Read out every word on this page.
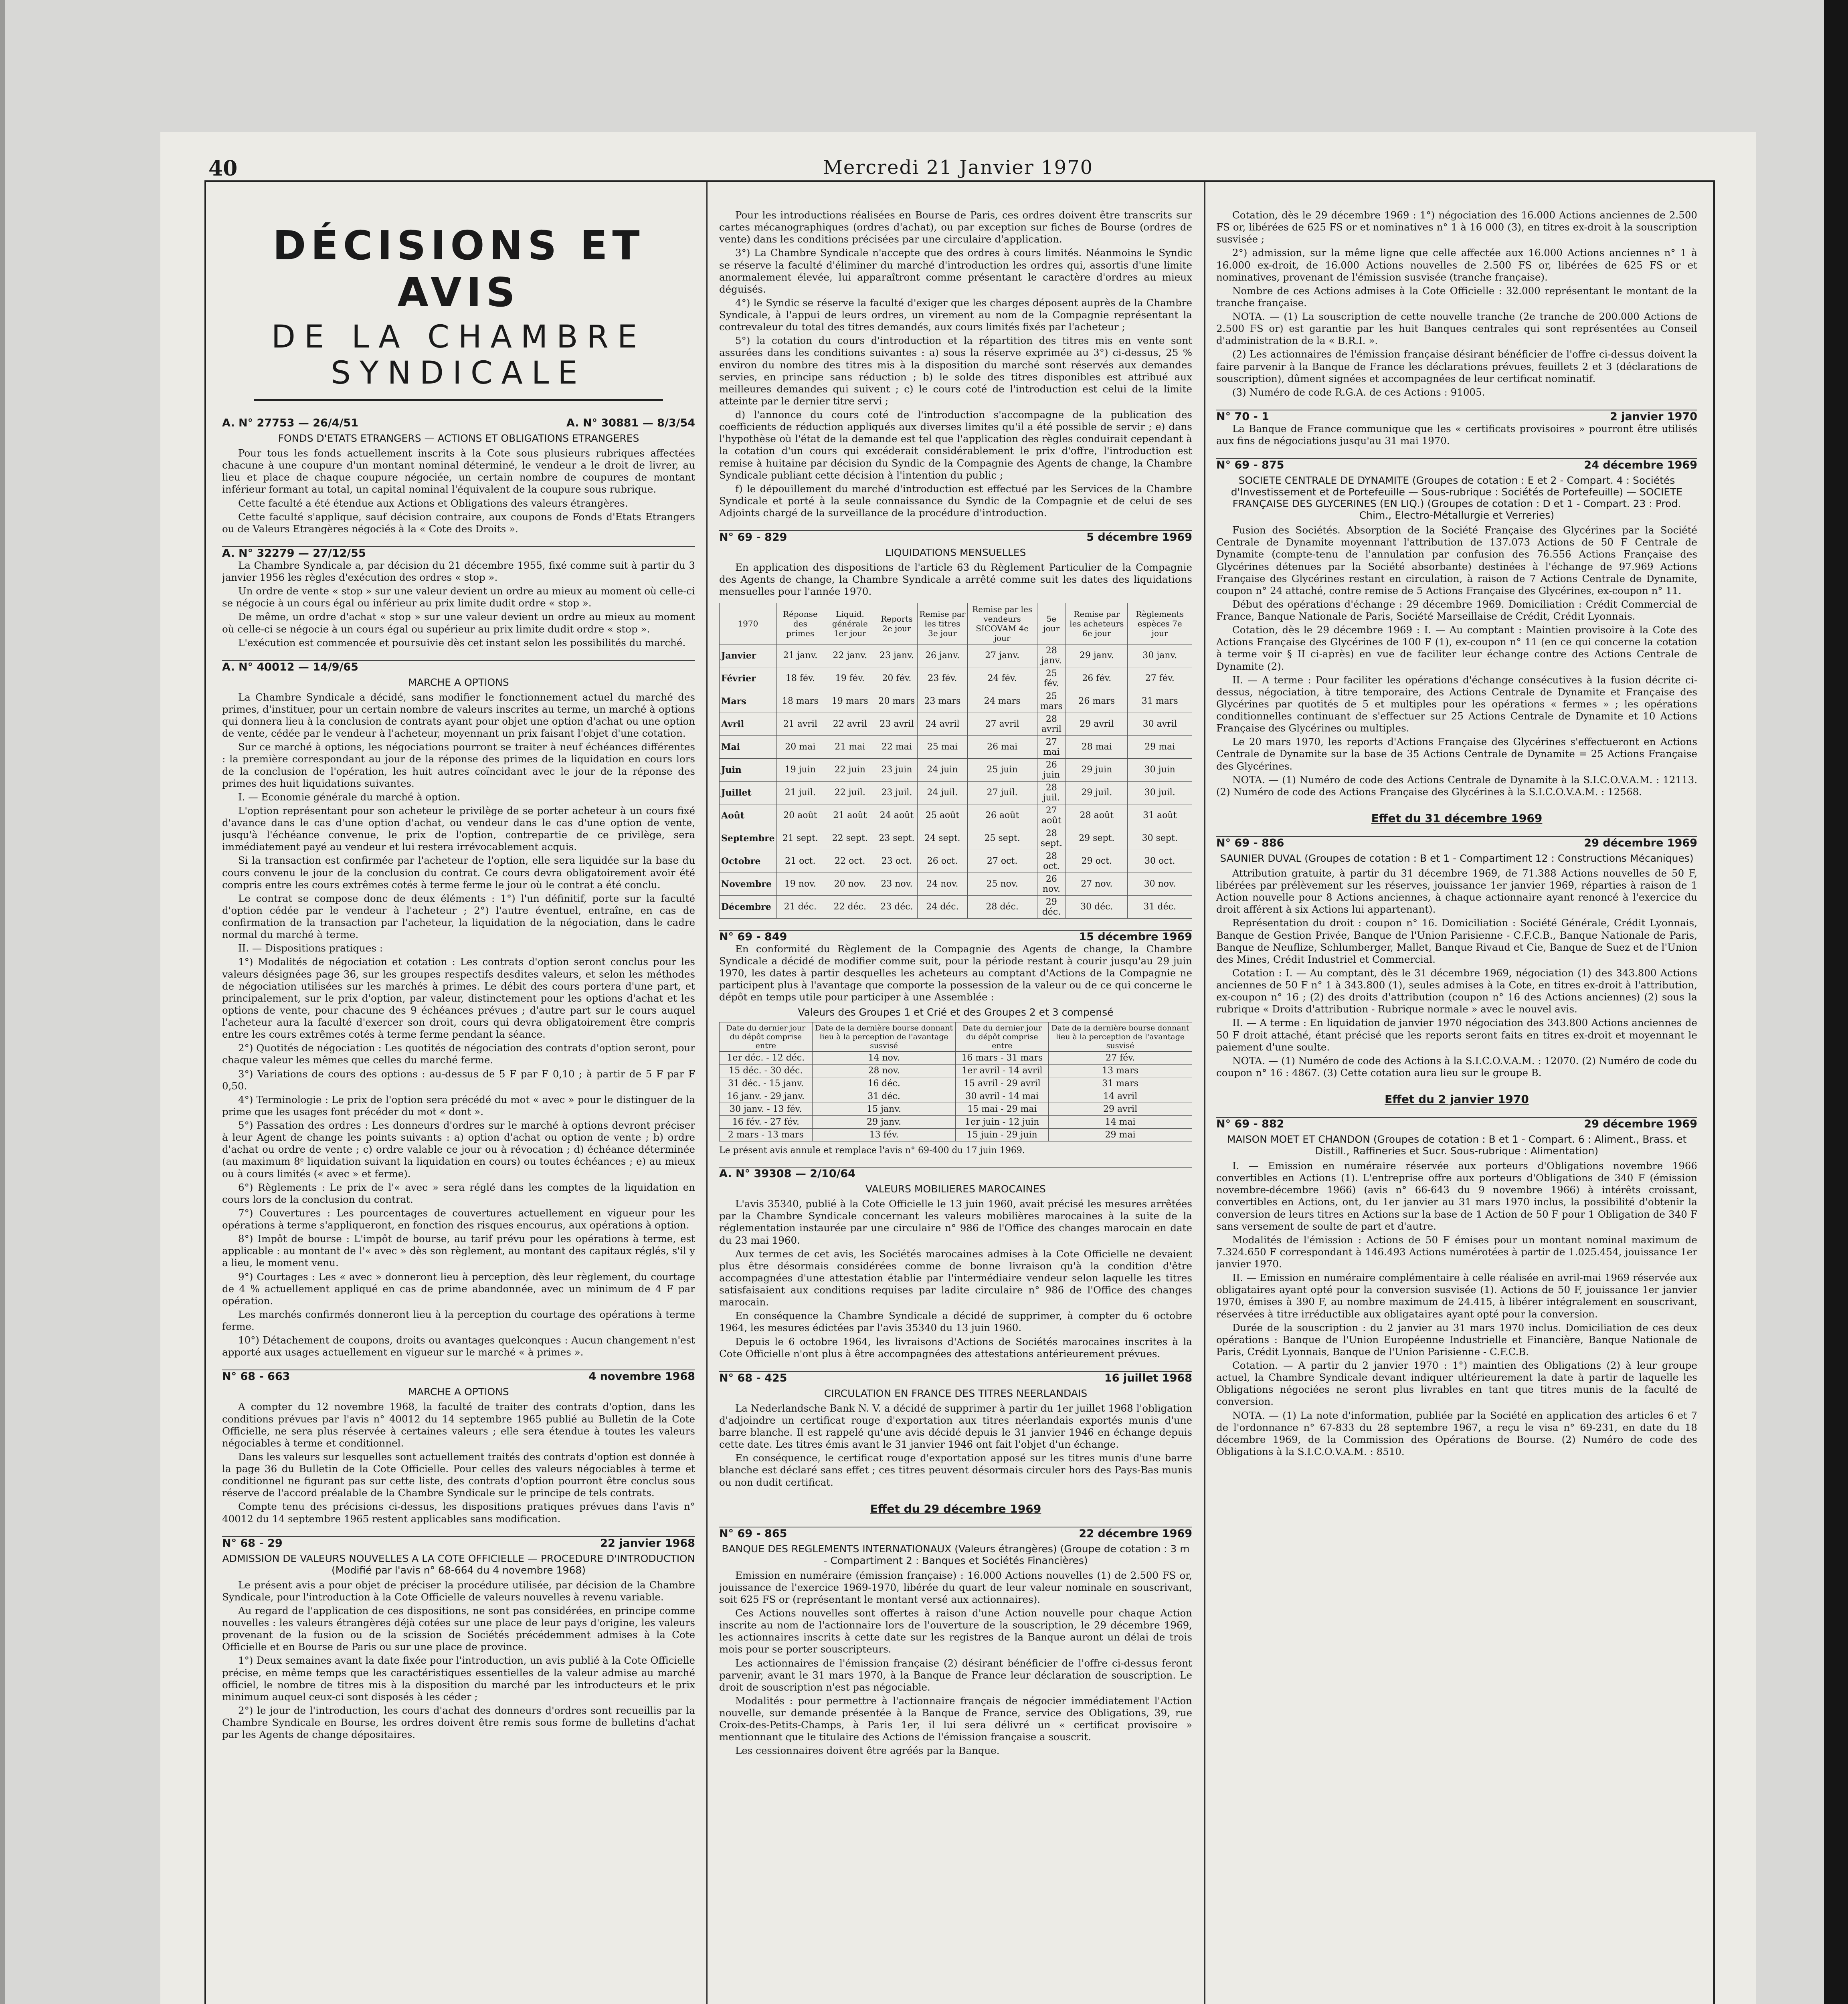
40	Mercredi 21 Janvier 1970
DÉCISIONS ET AVIS
DE LA CHAMBRE SYNDICALE
A. N° 27753 — 26/4/51	A. N° 30881 — 8/3/54
FONDS D'ETATS ETRANGERS — ACTIONS ET OBLIGATIONS ETRANGERES

Pour tous les fonds actuellement inscrits à la Cote sous plusieurs rubriques affectées chacune à une coupure d'un montant nominal déterminé, le vendeur a le droit de livrer, au lieu et place de chaque coupure négociée, un certain nombre de coupures de montant inférieur formant au total, un capital nominal l'équivalent de la coupure sous rubrique.

Cette faculté a été étendue aux Actions et Obligations des valeurs étrangères.

Cette faculté s'applique, sauf décision contraire, aux coupons de Fonds d'Etats Etrangers ou de Valeurs Etrangères négociés à la « Cote des Droits ».

A. N° 32279 — 27/12/55

La Chambre Syndicale a, par décision du 21 décembre 1955, fixé comme suit à partir du 3 janvier 1956 les règles d'exécution des ordres « stop ».

Un ordre de vente « stop » sur une valeur devient un ordre au mieux au moment où celle-ci se négocie à un cours égal ou inférieur au prix limite dudit ordre « stop ».

De même, un ordre d'achat « stop » sur une valeur devient un ordre au mieux au moment où celle-ci se négocie à un cours égal ou supérieur au prix limite dudit ordre « stop ».

L'exécution est commencée et poursuivie dès cet instant selon les possibilités du marché.

A. N° 40012 — 14/9/65
MARCHE A OPTIONS

La Chambre Syndicale a décidé, sans modifier le fonctionnement actuel du marché des primes, d'instituer, pour un certain nombre de valeurs inscrites au terme, un marché à options qui donnera lieu à la conclusion de contrats ayant pour objet une option d'achat ou une option de vente, cédée par le vendeur à l'acheteur, moyennant un prix faisant l'objet d'une cotation.

Sur ce marché à options, les négociations pourront se traiter à neuf échéances différentes : la première correspondant au jour de la réponse des primes de la liquidation en cours lors de la conclusion de l'opération, les huit autres coïncidant avec le jour de la réponse des primes des huit liquidations suivantes.

I. — Economie générale du marché à option.

L'option représentant pour son acheteur le privilège de se porter acheteur à un cours fixé d'avance dans le cas d'une option d'achat, ou vendeur dans le cas d'une option de vente, jusqu'à l'échéance convenue, le prix de l'option, contrepartie de ce privilège, sera immédiatement payé au vendeur et lui restera irrévocablement acquis.

Si la transaction est confirmée par l'acheteur de l'option, elle sera liquidée sur la base du cours convenu le jour de la conclusion du contrat. Ce cours devra obligatoirement avoir été compris entre les cours extrêmes cotés à terme ferme le jour où le contrat a été conclu.

Le contrat se compose donc de deux éléments : 1°) l'un définitif, porte sur la faculté d'option cédée par le vendeur à l'acheteur ; 2°) l'autre éventuel, entraîne, en cas de confirmation de la transaction par l'acheteur, la liquidation de la négociation, dans le cadre normal du marché à terme.

II. — Dispositions pratiques :

1°) Modalités de négociation et cotation : Les contrats d'option seront conclus pour les valeurs désignées page 36, sur les groupes respectifs desdites valeurs, et selon les méthodes de négociation utilisées sur les marchés à primes. Le débit des cours portera d'une part, et principalement, sur le prix d'option, par valeur, distinctement pour les options d'achat et les options de vente, pour chacune des 9 échéances prévues ; d'autre part sur le cours auquel l'acheteur aura la faculté d'exercer son droit, cours qui devra obligatoirement être compris entre les cours extrêmes cotés à terme ferme pendant la séance.

2°) Quotités de négociation : Les quotités de négociation des contrats d'option seront, pour chaque valeur les mêmes que celles du marché ferme.

3°) Variations de cours des options : au-dessus de 5 F par F 0,10 ; à partir de 5 F par F 0,50.

4°) Terminologie : Le prix de l'option sera précédé du mot « avec » pour le distinguer de la prime que les usages font précéder du mot « dont ».

5°) Passation des ordres : Les donneurs d'ordres sur le marché à options devront préciser à leur Agent de change les points suivants : a) option d'achat ou option de vente ; b) ordre d'achat ou ordre de vente ; c) ordre valable ce jour ou à révocation ; d) échéance déterminée (au maximum 8ᵉ liquidation suivant la liquidation en cours) ou toutes échéances ; e) au mieux ou à cours limités (« avec » et ferme).

6°) Règlements : Le prix de l'« avec » sera réglé dans les comptes de la liquidation en cours lors de la conclusion du contrat.

7°) Couvertures : Les pourcentages de couvertures actuellement en vigueur pour les opérations à terme s'appliqueront, en fonction des risques encourus, aux opérations à option.

8°) Impôt de bourse : L'impôt de bourse, au tarif prévu pour les opérations à terme, est applicable : au montant de l'« avec » dès son règlement, au montant des capitaux réglés, s'il y a lieu, le moment venu.

9°) Courtages : Les « avec » donneront lieu à perception, dès leur règlement, du courtage de 4 % actuellement appliqué en cas de prime abandonnée, avec un minimum de 4 F par opération.

Les marchés confirmés donneront lieu à la perception du courtage des opérations à terme ferme.

10°) Détachement de coupons, droits ou avantages quelconques : Aucun changement n'est apporté aux usages actuellement en vigueur sur le marché « à primes ».

N° 68 - 663	4 novembre 1968
MARCHE A OPTIONS

A compter du 12 novembre 1968, la faculté de traiter des contrats d'option, dans les conditions prévues par l'avis n° 40012 du 14 septembre 1965 publié au Bulletin de la Cote Officielle, ne sera plus réservée à certaines valeurs ; elle sera étendue à toutes les valeurs négociables à terme et conditionnel.

Dans les valeurs sur lesquelles sont actuellement traités des contrats d'option est donnée à la page 36 du Bulletin de la Cote Officielle. Pour celles des valeurs négociables à terme et conditionnel ne figurant pas sur cette liste, des contrats d'option pourront être conclus sous réserve de l'accord préalable de la Chambre Syndicale sur le principe de tels contrats.

Compte tenu des précisions ci-dessus, les dispositions pratiques prévues dans l'avis n° 40012 du 14 septembre 1965 restent applicables sans modification.

N° 68 - 29	22 janvier 1968
ADMISSION DE VALEURS NOUVELLES A LA COTE OFFICIELLE — PROCEDURE D'INTRODUCTION (Modifié par l'avis n° 68-664 du 4 novembre 1968)

Le présent avis a pour objet de préciser la procédure utilisée, par décision de la Chambre Syndicale, pour l'introduction à la Cote Officielle de valeurs nouvelles à revenu variable.

Au regard de l'application de ces dispositions, ne sont pas considérées, en principe comme nouvelles : les valeurs étrangères déjà cotées sur une place de leur pays d'origine, les valeurs provenant de la fusion ou de la scission de Sociétés précédemment admises à la Cote Officielle et en Bourse de Paris ou sur une place de province.

1°) Deux semaines avant la date fixée pour l'introduction, un avis publié à la Cote Officielle précise, en même temps que les caractéristiques essentielles de la valeur admise au marché officiel, le nombre de titres mis à la disposition du marché par les introducteurs et le prix minimum auquel ceux-ci sont disposés à les céder ;

2°) le jour de l'introduction, les cours d'achat des donneurs d'ordres sont recueillis par la Chambre Syndicale en Bourse, les ordres doivent être remis sous forme de bulletins d'achat par les Agents de change dépositaires.

Pour les introductions réalisées en Bourse de Paris, ces ordres doivent être transcrits sur cartes mécanographiques (ordres d'achat), ou par exception sur fiches de Bourse (ordres de vente) dans les conditions précisées par une circulaire d'application.

3°) La Chambre Syndicale n'accepte que des ordres à cours limités. Néanmoins le Syndic se réserve la faculté d'éliminer du marché d'introduction les ordres qui, assortis d'une limite anormalement élevée, lui apparaîtront comme présentant le caractère d'ordres au mieux déguisés.

4°) le Syndic se réserve la faculté d'exiger que les charges déposent auprès de la Chambre Syndicale, à l'appui de leurs ordres, un virement au nom de la Compagnie représentant la contrevaleur du total des titres demandés, aux cours limités fixés par l'acheteur ;

5°) la cotation du cours d'introduction et la répartition des titres mis en vente sont assurées dans les conditions suivantes : a) sous la réserve exprimée au 3°) ci-dessus, 25 % environ du nombre des titres mis à la disposition du marché sont réservés aux demandes servies, en principe sans réduction ; b) le solde des titres disponibles est attribué aux meilleures demandes qui suivent ; c) le cours coté de l'introduction est celui de la limite atteinte par le dernier titre servi ;

d) l'annonce du cours coté de l'introduction s'accompagne de la publication des coefficients de réduction appliqués aux diverses limites qu'il a été possible de servir ; e) dans l'hypothèse où l'état de la demande est tel que l'application des règles conduirait cependant à la cotation d'un cours qui excéderait considérablement le prix d'offre, l'introduction est remise à huitaine par décision du Syndic de la Compagnie des Agents de change, la Chambre Syndicale publiant cette décision à l'intention du public ;

f) le dépouillement du marché d'introduction est effectué par les Services de la Chambre Syndicale et porté à la seule connaissance du Syndic de la Compagnie et de celui de ses Adjoints chargé de la surveillance de la procédure d'introduction.

N° 69 - 829	5 décembre 1969
LIQUIDATIONS MENSUELLES

En application des dispositions de l'article 63 du Règlement Particulier de la Compagnie des Agents de change, la Chambre Syndicale a arrêté comme suit les dates des liquidations mensuelles pour l'année 1970.

1970	Réponse des primes	Liquid. générale 1er jour	Reports 2e jour	Remise par les titres 3e jour	Remise par les vendeurs SICOVAM 4e jour	5e jour	Remise par les acheteurs 6e jour	Règlements espèces 7e jour
Janvier	21 janv.	22 janv.	23 janv.	26 janv.	27 janv.	28 janv.	29 janv.	30 janv.
Février	18 fév.	19 fév.	20 fév.	23 fév.	24 fév.	25 fév.	26 fév.	27 fév.
Mars	18 mars	19 mars	20 mars	23 mars	24 mars	25 mars	26 mars	31 mars
Avril	21 avril	22 avril	23 avril	24 avril	27 avril	28 avril	29 avril	30 avril
Mai	20 mai	21 mai	22 mai	25 mai	26 mai	27 mai	28 mai	29 mai
Juin	19 juin	22 juin	23 juin	24 juin	25 juin	26 juin	29 juin	30 juin
Juillet	21 juil.	22 juil.	23 juil.	24 juil.	27 juil.	28 juil.	29 juil.	30 juil.
Août	20 août	21 août	24 août	25 août	26 août	27 août	28 août	31 août
Septembre	21 sept.	22 sept.	23 sept.	24 sept.	25 sept.	28 sept.	29 sept.	30 sept.
Octobre	21 oct.	22 oct.	23 oct.	26 oct.	27 oct.	28 oct.	29 oct.	30 oct.
Novembre	19 nov.	20 nov.	23 nov.	24 nov.	25 nov.	26 nov.	27 nov.	30 nov.
Décembre	21 déc.	22 déc.	23 déc.	24 déc.	28 déc.	29 déc.	30 déc.	31 déc.
N° 69 - 849	15 décembre 1969

En conformité du Règlement de la Compagnie des Agents de change, la Chambre Syndicale a décidé de modifier comme suit, pour la période restant à courir jusqu'au 29 juin 1970, les dates à partir desquelles les acheteurs au comptant d'Actions de la Compagnie ne participent plus à l'avantage que comporte la possession de la valeur ou de ce qui concerne le dépôt en temps utile pour participer à une Assemblée :

Valeurs des Groupes 1 et Crié et des Groupes 2 et 3 compensé
Date du dernier jour du dépôt comprise entre	Date de la dernière bourse donnant lieu à la perception de l'avantage susvisé	Date du dernier jour du dépôt comprise entre	Date de la dernière bourse donnant lieu à la perception de l'avantage susvisé
1er déc. - 12 déc.	14 nov.	16 mars - 31 mars	27 fév.
15 déc. - 30 déc.	28 nov.	1er avril - 14 avril	13 mars
31 déc. - 15 janv.	16 déc.	15 avril - 29 avril	31 mars
16 janv. - 29 janv.	31 déc.	30 avril - 14 mai	14 avril
30 janv. - 13 fév.	15 janv.	15 mai - 29 mai	29 avril
16 fév. - 27 fév.	29 janv.	1er juin - 12 juin	14 mai
2 mars - 13 mars	13 fév.	15 juin - 29 juin	29 mai
Le présent avis annule et remplace l'avis n° 69-400 du 17 juin 1969.
A. N° 39308 — 2/10/64
VALEURS MOBILIERES MAROCAINES

L'avis 35340, publié à la Cote Officielle le 13 juin 1960, avait précisé les mesures arrêtées par la Chambre Syndicale concernant les valeurs mobilières marocaines à la suite de la réglementation instaurée par une circulaire n° 986 de l'Office des changes marocain en date du 23 mai 1960.

Aux termes de cet avis, les Sociétés marocaines admises à la Cote Officielle ne devaient plus être désormais considérées comme de bonne livraison qu'à la condition d'être accompagnées d'une attestation établie par l'intermédiaire vendeur selon laquelle les titres satisfaisaient aux conditions requises par ladite circulaire n° 986 de l'Office des changes marocain.

En conséquence la Chambre Syndicale a décidé de supprimer, à compter du 6 octobre 1964, les mesures édictées par l'avis 35340 du 13 juin 1960.

Depuis le 6 octobre 1964, les livraisons d'Actions de Sociétés marocaines inscrites à la Cote Officielle n'ont plus à être accompagnées des attestations antérieurement prévues.

N° 68 - 425	16 juillet 1968
CIRCULATION EN FRANCE DES TITRES NEERLANDAIS

La Nederlandsche Bank N. V. a décidé de supprimer à partir du 1er juillet 1968 l'obligation d'adjoindre un certificat rouge d'exportation aux titres néerlandais exportés munis d'une barre blanche. Il est rappelé qu'une avis décidé depuis le 31 janvier 1946 en échange depuis cette date. Les titres émis avant le 31 janvier 1946 ont fait l'objet d'un échange.

En conséquence, le certificat rouge d'exportation apposé sur les titres munis d'une barre blanche est déclaré sans effet ; ces titres peuvent désormais circuler hors des Pays-Bas munis ou non dudit certificat.

Effet du 29 décembre 1969
N° 69 - 865	22 décembre 1969
BANQUE DES REGLEMENTS INTERNATIONAUX (Valeurs étrangères) (Groupe de cotation : 3 m - Compartiment 2 : Banques et Sociétés Financières)

Emission en numéraire (émission française) : 16.000 Actions nouvelles (1) de 2.500 FS or, jouissance de l'exercice 1969-1970, libérée du quart de leur valeur nominale en souscrivant, soit 625 FS or (représentant le montant versé aux actionnaires).

Ces Actions nouvelles sont offertes à raison d'une Action nouvelle pour chaque Action inscrite au nom de l'actionnaire lors de l'ouverture de la souscription, le 29 décembre 1969, les actionnaires inscrits à cette date sur les registres de la Banque auront un délai de trois mois pour se porter souscripteurs.

Les actionnaires de l'émission française (2) désirant bénéficier de l'offre ci-dessus feront parvenir, avant le 31 mars 1970, à la Banque de France leur déclaration de souscription. Le droit de souscription n'est pas négociable.

Modalités : pour permettre à l'actionnaire français de négocier immédiatement l'Action nouvelle, sur demande présentée à la Banque de France, service des Obligations, 39, rue Croix-des-Petits-Champs, à Paris 1er, il lui sera délivré un « certificat provisoire » mentionnant que le titulaire des Actions de l'émission française a souscrit.

Les cessionnaires doivent être agréés par la Banque.

Cotation, dès le 29 décembre 1969 : 1°) négociation des 16.000 Actions anciennes de 2.500 FS or, libérées de 625 FS or et nominatives n° 1 à 16 000 (3), en titres ex-droit à la souscription susvisée ;

2°) admission, sur la même ligne que celle affectée aux 16.000 Actions anciennes n° 1 à 16.000 ex-droit, de 16.000 Actions nouvelles de 2.500 FS or, libérées de 625 FS or et nominatives, provenant de l'émission susvisée (tranche française).

Nombre de ces Actions admises à la Cote Officielle : 32.000 représentant le montant de la tranche française.

NOTA. — (1) La souscription de cette nouvelle tranche (2e tranche de 200.000 Actions de 2.500 FS or) est garantie par les huit Banques centrales qui sont représentées au Conseil d'administration de la « B.R.I. ».

(2) Les actionnaires de l'émission française désirant bénéficier de l'offre ci-dessus doivent la faire parvenir à la Banque de France les déclarations prévues, feuillets 2 et 3 (déclarations de souscription), dûment signées et accompagnées de leur certificat nominatif.

(3) Numéro de code R.G.A. de ces Actions : 91005.

N° 70 - 1	2 janvier 1970

La Banque de France communique que les « certificats provisoires » pourront être utilisés aux fins de négociations jusqu'au 31 mai 1970.

N° 69 - 875	24 décembre 1969
SOCIETE CENTRALE DE DYNAMITE (Groupes de cotation : E et 2 - Compart. 4 : Sociétés d'Investissement et de Portefeuille — Sous-rubrique : Sociétés de Portefeuille) — SOCIETE FRANÇAISE DES GLYCERINES (EN LIQ.) (Groupes de cotation : D et 1 - Compart. 23 : Prod. Chim., Electro-Métallurgie et Verreries)

Fusion des Sociétés. Absorption de la Société Française des Glycérines par la Société Centrale de Dynamite moyennant l'attribution de 137.073 Actions de 50 F Centrale de Dynamite (compte-tenu de l'annulation par confusion des 76.556 Actions Française des Glycérines détenues par la Société absorbante) destinées à l'échange de 97.969 Actions Française des Glycérines restant en circulation, à raison de 7 Actions Centrale de Dynamite, coupon n° 24 attaché, contre remise de 5 Actions Française des Glycérines, ex-coupon n° 11.

Début des opérations d'échange : 29 décembre 1969. Domiciliation : Crédit Commercial de France, Banque Nationale de Paris, Société Marseillaise de Crédit, Crédit Lyonnais.

Cotation, dès le 29 décembre 1969 : I. — Au comptant : Maintien provisoire à la Cote des Actions Française des Glycérines de 100 F (1), ex-coupon n° 11 (en ce qui concerne la cotation à terme voir § II ci-après) en vue de faciliter leur échange contre des Actions Centrale de Dynamite (2).

II. — A terme : Pour faciliter les opérations d'échange consécutives à la fusion décrite ci-dessus, négociation, à titre temporaire, des Actions Centrale de Dynamite et Française des Glycérines par quotités de 5 et multiples pour les opérations « fermes » ; les opérations conditionnelles continuant de s'effectuer sur 25 Actions Centrale de Dynamite et 10 Actions Française des Glycérines ou multiples.

Le 20 mars 1970, les reports d'Actions Française des Glycérines s'effectueront en Actions Centrale de Dynamite sur la base de 35 Actions Centrale de Dynamite = 25 Actions Française des Glycérines.

NOTA. — (1) Numéro de code des Actions Centrale de Dynamite à la S.I.C.O.V.A.M. : 12113. (2) Numéro de code des Actions Française des Glycérines à la S.I.C.O.V.A.M. : 12568.

Effet du 31 décembre 1969
N° 69 - 886	29 décembre 1969
SAUNIER DUVAL (Groupes de cotation : B et 1 - Compartiment 12 : Constructions Mécaniques)

Attribution gratuite, à partir du 31 décembre 1969, de 71.388 Actions nouvelles de 50 F, libérées par prélèvement sur les réserves, jouissance 1er janvier 1969, réparties à raison de 1 Action nouvelle pour 8 Actions anciennes, à chaque actionnaire ayant renoncé à l'exercice du droit afférent à six Actions lui appartenant).

Représentation du droit : coupon n° 16. Domiciliation : Société Générale, Crédit Lyonnais, Banque de Gestion Privée, Banque de l'Union Parisienne - C.F.C.B., Banque Nationale de Paris, Banque de Neuflize, Schlumberger, Mallet, Banque Rivaud et Cie, Banque de Suez et de l'Union des Mines, Crédit Industriel et Commercial.

Cotation : I. — Au comptant, dès le 31 décembre 1969, négociation (1) des 343.800 Actions anciennes de 50 F n° 1 à 343.800 (1), seules admises à la Cote, en titres ex-droit à l'attribution, ex-coupon n° 16 ; (2) des droits d'attribution (coupon n° 16 des Actions anciennes) (2) sous la rubrique « Droits d'attribution - Rubrique normale » avec le nouvel avis.

II. — A terme : En liquidation de janvier 1970 négociation des 343.800 Actions anciennes de 50 F droit attaché, étant précisé que les reports seront faits en titres ex-droit et moyennant le paiement d'une soulte.

NOTA. — (1) Numéro de code des Actions à la S.I.C.O.V.A.M. : 12070. (2) Numéro de code du coupon n° 16 : 4867. (3) Cette cotation aura lieu sur le groupe B.

Effet du 2 janvier 1970
N° 69 - 882	29 décembre 1969
MAISON MOET ET CHANDON (Groupes de cotation : B et 1 - Compart. 6 : Aliment., Brass. et Distill., Raffineries et Sucr. Sous-rubrique : Alimentation)

I. — Emission en numéraire réservée aux porteurs d'Obligations novembre 1966 convertibles en Actions (1). L'entreprise offre aux porteurs d'Obligations de 340 F (émission novembre-décembre 1966) (avis n° 66-643 du 9 novembre 1966) à intérêts croissant, convertibles en Actions, ont, du 1er janvier au 31 mars 1970 inclus, la possibilité d'obtenir la conversion de leurs titres en Actions sur la base de 1 Action de 50 F pour 1 Obligation de 340 F sans versement de soulte de part et d'autre.

Modalités de l'émission : Actions de 50 F émises pour un montant nominal maximum de 7.324.650 F correspondant à 146.493 Actions numérotées à partir de 1.025.454, jouissance 1er janvier 1970.

II. — Emission en numéraire complémentaire à celle réalisée en avril-mai 1969 réservée aux obligataires ayant opté pour la conversion susvisée (1). Actions de 50 F, jouissance 1er janvier 1970, émises à 390 F, au nombre maximum de 24.415, à libérer intégralement en souscrivant, réservées à titre irréductible aux obligataires ayant opté pour la conversion.

Durée de la souscription : du 2 janvier au 31 mars 1970 inclus. Domiciliation de ces deux opérations : Banque de l'Union Européenne Industrielle et Financière, Banque Nationale de Paris, Crédit Lyonnais, Banque de l'Union Parisienne - C.F.C.B.

Cotation. — A partir du 2 janvier 1970 : 1°) maintien des Obligations (2) à leur groupe actuel, la Chambre Syndicale devant indiquer ultérieurement la date à partir de laquelle les Obligations négociées ne seront plus livrables en tant que titres munis de la faculté de conversion.

NOTA. — (1) La note d'information, publiée par la Société en application des articles 6 et 7 de l'ordonnance n° 67-833 du 28 septembre 1967, a reçu le visa n° 69-231, en date du 18 décembre 1969, de la Commission des Opérations de Bourse. (2) Numéro de code des Obligations à la S.I.C.O.V.A.M. : 8510.
